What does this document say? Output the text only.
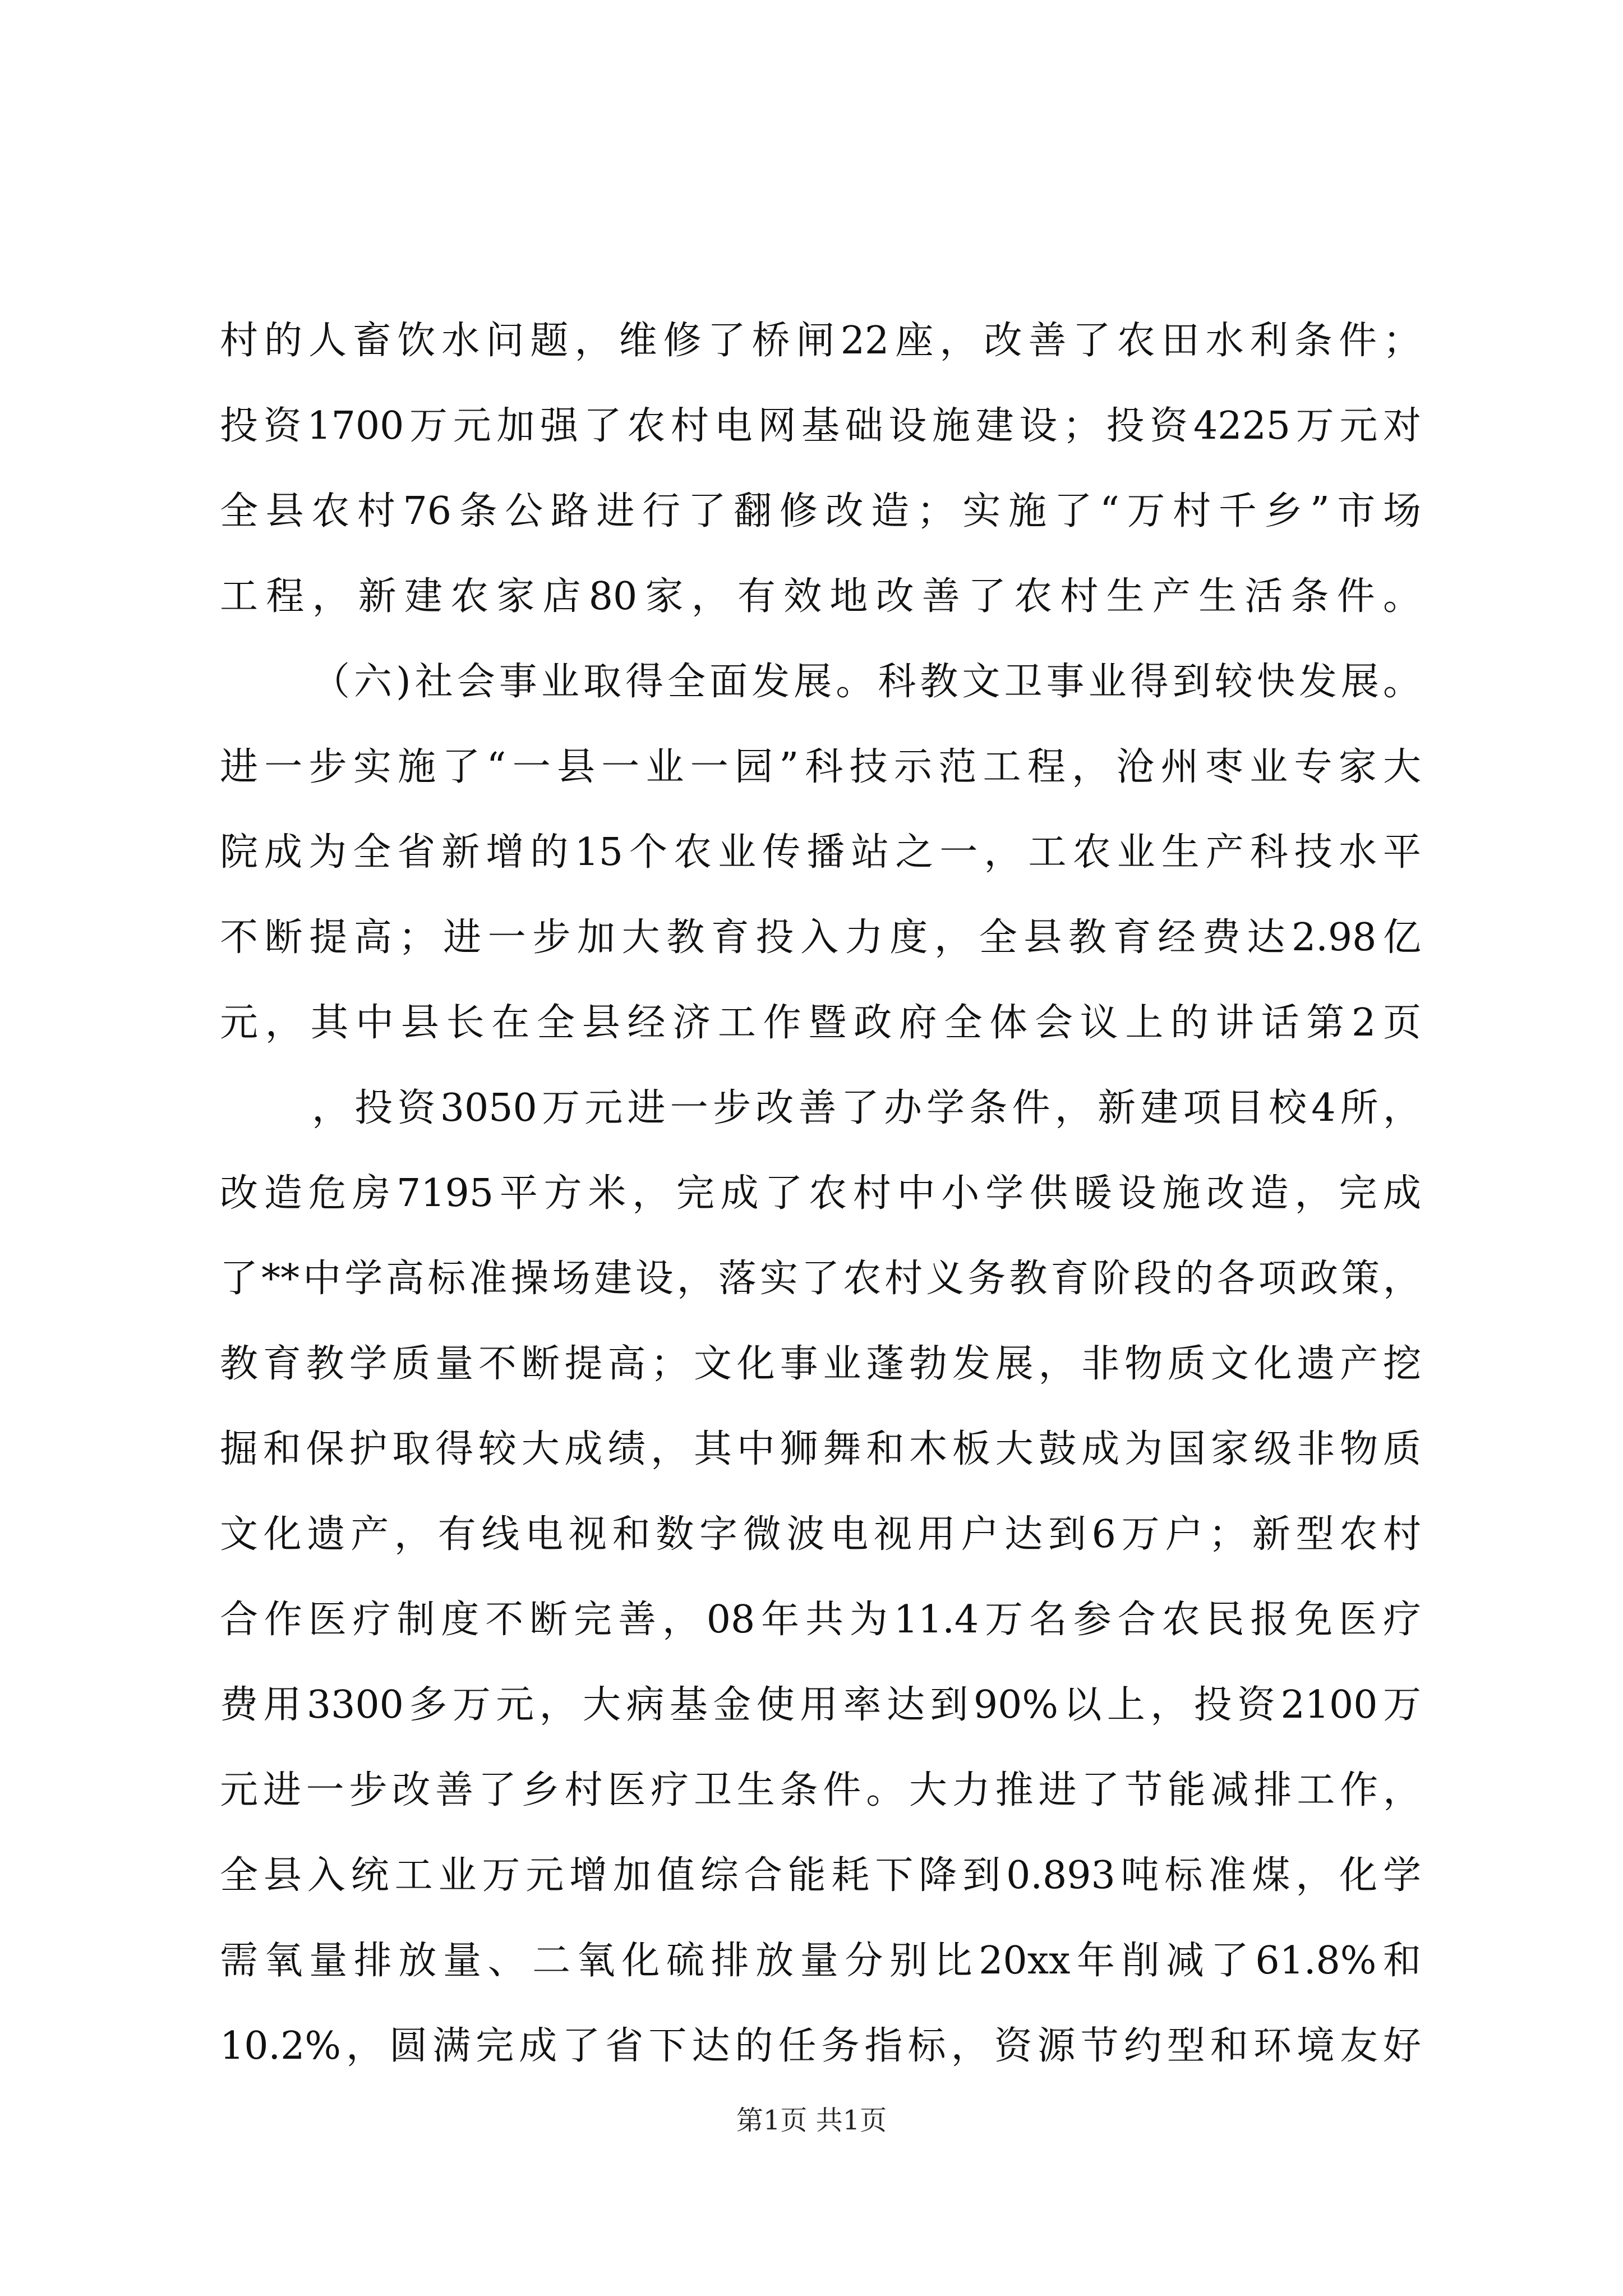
村的人畜饮水问题，维修了桥闸22座，改善了农田水利条件；
投资1700万元加强了农村电网基础设施建设；投资4225万元对
全县农村76条公路进行了翻修改造；实施了“万村千乡”市场
工程，新建农家店80家，有效地改善了农村生产生活条件。
（六)社会事业取得全面发展。科教文卫事业得到较快发展。
进一步实施了“一县一业一园”科技示范工程，沧州枣业专家大
院成为全省新增的15个农业传播站之一，工农业生产科技水平
不断提高；进一步加大教育投入力度，全县教育经费达2.98亿
元，其中县长在全县经济工作暨政府全体会议上的讲话第2页
，投资3050万元进一步改善了办学条件，新建项目校4所，
改造危房7195平方米，完成了农村中小学供暖设施改造，完成
了**中学高标准操场建设，落实了农村义务教育阶段的各项政策，
教育教学质量不断提高；文化事业蓬勃发展，非物质文化遗产挖
掘和保护取得较大成绩，其中狮舞和木板大鼓成为国家级非物质
文化遗产，有线电视和数字微波电视用户达到6万户；新型农村
合作医疗制度不断完善，08年共为11.4万名参合农民报免医疗
费用3300多万元，大病基金使用率达到90%以上，投资2100万
元进一步改善了乡村医疗卫生条件。大力推进了节能减排工作，
全县入统工业万元增加值综合能耗下降到0.893吨标准煤，化学
需氧量排放量、二氧化硫排放量分别比20xx年削减了61.8%和
10.2%，圆满完成了省下达的任务指标，资源节约型和环境友好
第1页 共1页
